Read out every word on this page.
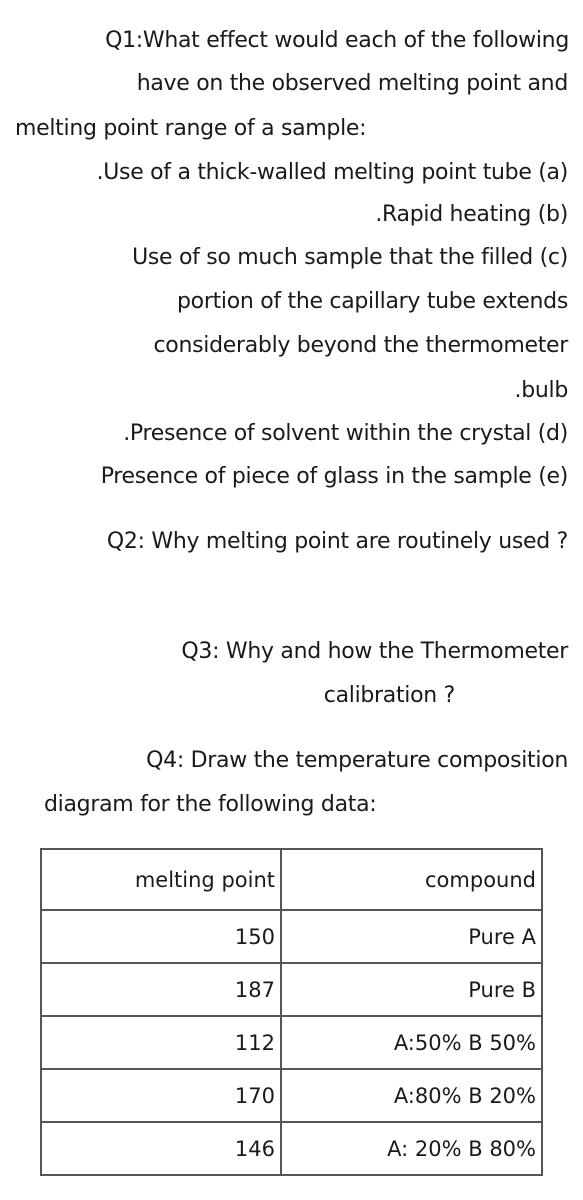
Q1:What effect would each of the following
have on the observed melting point and
melting point range of a sample:
.Use of a thick-walled melting point tube (a)
.Rapid heating (b)
Use of so much sample that the filled (c)
portion of the capillary tube extends
considerably beyond the thermometer
.bulb
.Presence of solvent within the crystal (d)
Presence of piece of glass in the sample (e)
Q2: Why melting point are routinely used ?
Q3: Why and how the Thermometer
calibration ?
Q4: Draw the temperature composition
diagram for the following data:
melting point	compound
150	Pure A
187	Pure B
112	A:50% B 50%
170	A:80% B 20%
146	A: 20% B 80%
